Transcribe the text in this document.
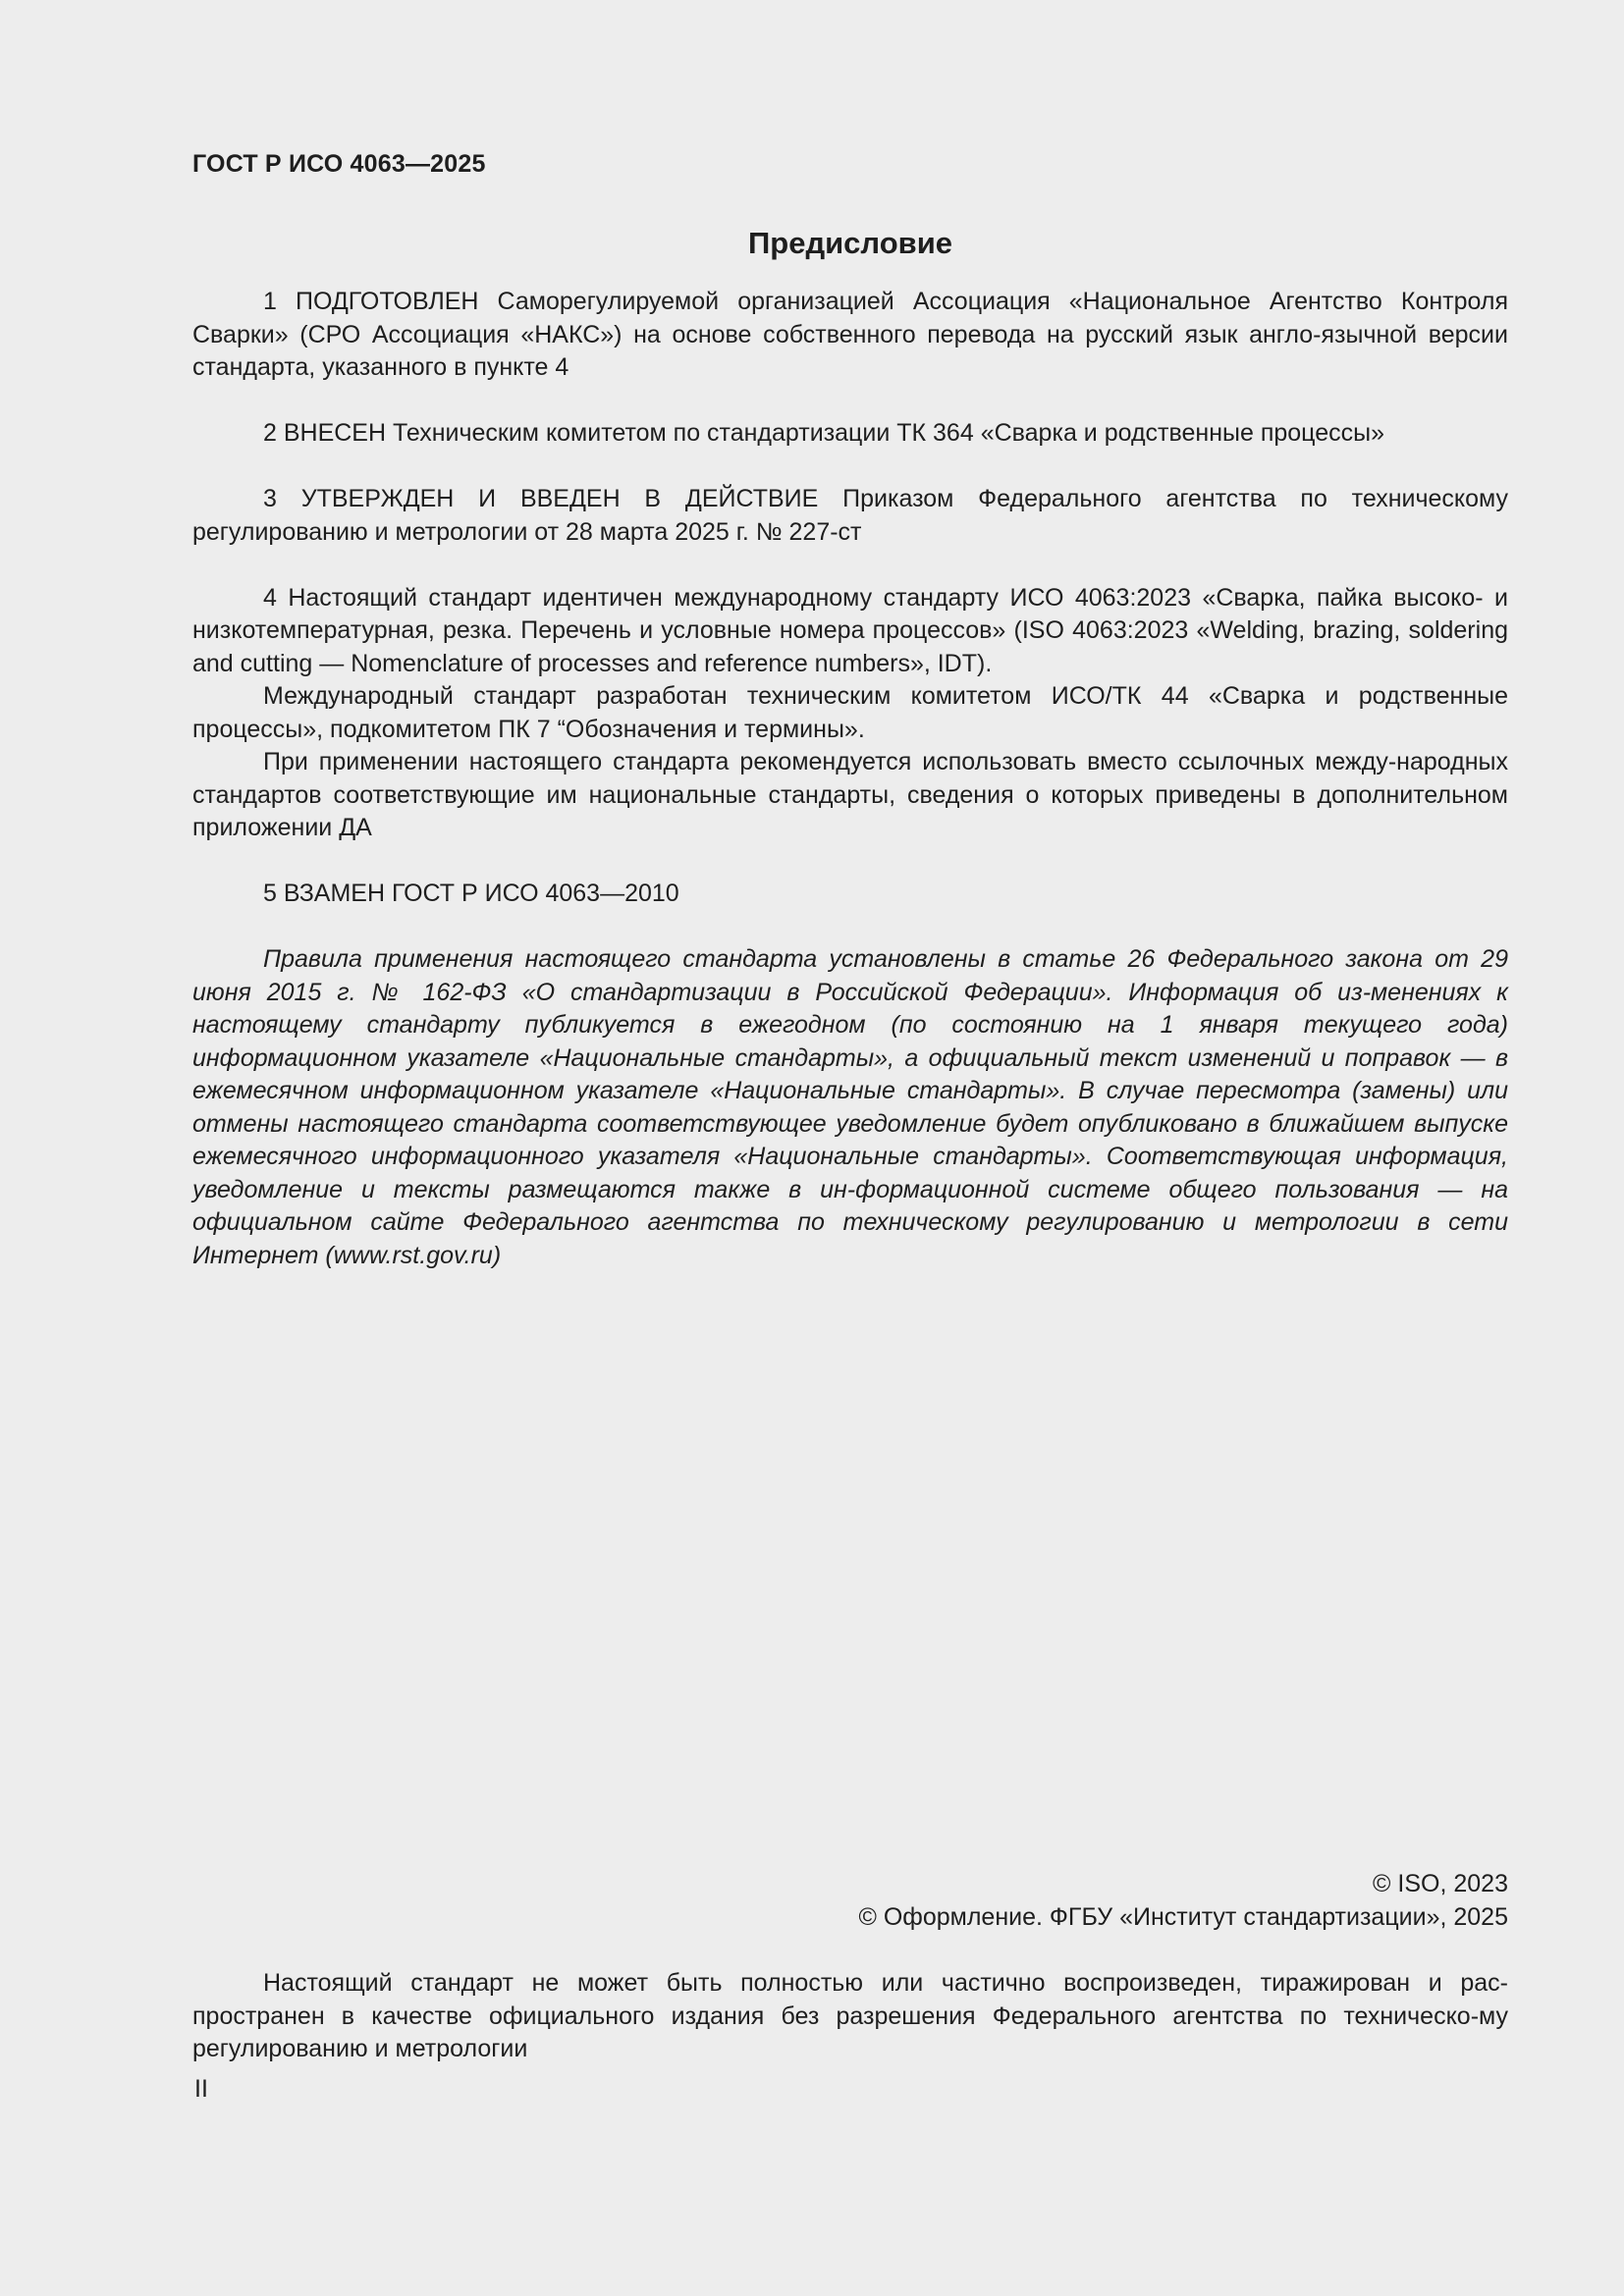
ГОСТ Р ИСО 4063—2025
Предисловие

1 ПОДГОТОВЛЕН Саморегулируемой организацией Ассоциация «Национальное Агентство Контроля Сварки» (СРО Ассоциация «НАКС») на основе собственного перевода на русский язык англо-язычной версии стандарта, указанного в пункте 4

2 ВНЕСЕН Техническим комитетом по стандартизации ТК 364 «Сварка и родственные процессы»

3 УТВЕРЖДЕН И ВВЕДЕН В ДЕЙСТВИЕ Приказом Федерального агентства по техническому регулированию и метрологии от 28 марта 2025 г. № 227-ст

4 Настоящий стандарт идентичен международному стандарту ИСО 4063:2023 «Сварка, пайка высоко- и низкотемпературная, резка. Перечень и условные номера процессов» (ISO 4063:2023 «Welding, brazing, soldering and cutting — Nomenclature of processes and reference numbers», IDT).

Международный стандарт разработан техническим комитетом ИСО/ТК 44 «Сварка и родственные процессы», подкомитетом ПК 7 “Обозначения и термины».

При применении настоящего стандарта рекомендуется использовать вместо ссылочных между-народных стандартов соответствующие им национальные стандарты, сведения о которых приведены в дополнительном приложении ДА

5 ВЗАМЕН ГОСТ Р ИСО 4063—2010

Правила применения настоящего стандарта установлены в статье 26 Федерального закона от 29 июня 2015 г. № 162-ФЗ «О стандартизации в Российской Федерации». Информация об из-менениях к настоящему стандарту публикуется в ежегодном (по состоянию на 1 января текущего года) информационном указателе «Национальные стандарты», а официальный текст изменений и поправок — в ежемесячном информационном указателе «Национальные стандарты». В случае пересмотра (замены) или отмены настоящего стандарта соответствующее уведомление будет опубликовано в ближайшем выпуске ежемесячного информационного указателя «Национальные стандарты». Соответствующая информация, уведомление и тексты размещаются также в ин-формационной системе общего пользования — на официальном сайте Федерального агентства по техническому регулированию и метрологии в сети Интернет (www.rst.gov.ru)

© ISO, 2023
© Оформление. ФГБУ «Институт стандартизации», 2025

Настоящий стандарт не может быть полностью или частично воспроизведен, тиражирован и рас-пространен в качестве официального издания без разрешения Федерального агентства по техническо-му регулированию и метрологии

II
